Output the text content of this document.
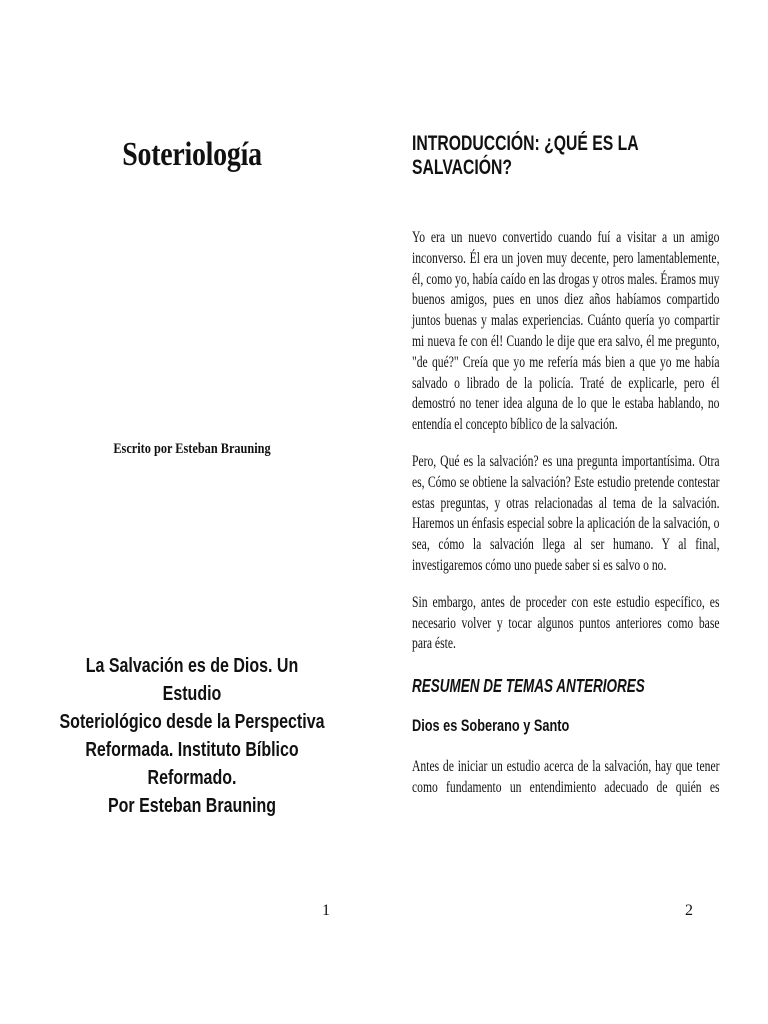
Soteriología

Escrito por Esteban Brauning

La Salvación es de Dios. Un Estudio
Soteriológico desde la Perspectiva
Reformada. Instituto Bíblico Reformado.
Por Esteban Brauning

1

INTRODUCCIÓN: ¿QUÉ ES LA SALVACIÓN?

Yo era un nuevo convertido cuando fuí a visitar a un amigo inconverso. Él era un joven muy decente, pero lamentablemente, él, como yo, había caído en las drogas y otros males. Éramos muy buenos amigos, pues en unos diez años habíamos compartido juntos buenas y malas experiencias. Cuánto quería yo compartir mi nueva fe con él! Cuando le dije que era salvo, él me pregunto, "de qué?" Creía que yo me refería más bien a que yo me había salvado o librado de la policía. Traté de explicarle, pero él demostró no tener idea alguna de lo que le estaba hablando, no entendía el concepto bíblico de la salvación.

Pero, Qué es la salvación? es una pregunta importantísima. Otra es, Cómo se obtiene la salvación? Este estudio pretende contestar estas preguntas, y otras relacionadas al tema de la salvación. Haremos un énfasis especial sobre la aplicación de la salvación, o sea, cómo la salvación llega al ser humano. Y al final, investigaremos cómo uno puede saber si es salvo o no.

Sin embargo, antes de proceder con este estudio específico, es necesario volver y tocar algunos puntos anteriores como base para éste.

RESUMEN DE TEMAS ANTERIORES
Dios es Soberano y Santo

Antes de iniciar un estudio acerca de la salvación, hay que tener como fundamento un entendimiento adecuado de quién es

2
